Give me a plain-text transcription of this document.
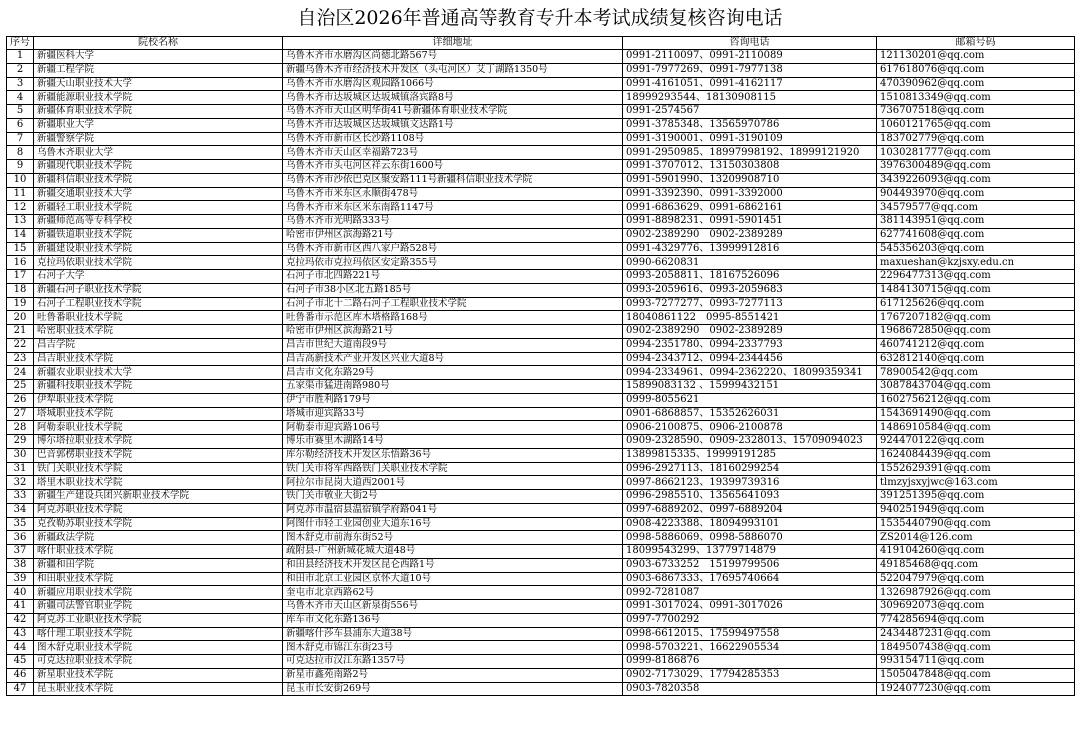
自治区2026年普通高等教育专升本考试成绩复核咨询电话
序号	院校名称	详细地址	咨询电话	邮箱号码
1	新疆医科大学	乌鲁木齐市水磨沟区尚德北路567号	0991-2110097、0991-2110089	121130201@qq.com
2	新疆工程学院	新疆乌鲁木齐市经济技术开发区（头屯河区）艾丁湖路1350号	0991-7977269、0991-7977138	617618076@qq.com
3	新疆天山职业技术大学	乌鲁木齐市水磨沟区观园路1066号	0991-4161051、0991-4162117	470390962@qq.com
4	新疆能源职业技术学院	乌鲁木齐市达坂城区达坂城镇洛宾路8号	18999293544、18130908115	1510813349@qq.com
5	新疆体育职业技术学院	乌鲁木齐市天山区明华街41号新疆体育职业技术学院	0991-2574567	736707518@qq.com
6	新疆职业大学	乌鲁木齐市达坂城区达坂城镇文达路1号	0991-3785348、13565970786	1060121765@qq.com
7	新疆警察学院	乌鲁木齐市新市区长沙路1108号	0991-3190001、0991-3190109	183702779@qq.com
8	乌鲁木齐职业大学	乌鲁木齐市天山区幸福路723号	0991-2950985、18997998192、18999121920	1030281777@qq.com
9	新疆现代职业技术学院	乌鲁木齐市头屯河区祥云东街1600号	0991-3707012、13150303808	3976300489@qq.com
10	新疆科信职业技术学院	乌鲁木齐市沙依巴克区聚安路111号新疆科信职业技术学院	0991-5901990、13209908710	3439226093@qq.com
11	新疆交通职业技术大学	乌鲁木齐市米东区永顺街478号	0991-3392390、0991-3392000	904493970@qq.com
12	新疆轻工职业技术学院	乌鲁木齐市米东区米东南路1147号	0991-6863629、0991-6862161	34579577@qq.com
13	新疆师范高等专科学校	乌鲁木齐市光明路333号	0991-8898231、0991-5901451	381143951@qq.com
14	新疆铁道职业技术学院	哈密市伊州区滨海路21号	0902-2389290　0902-2389289	627741608@qq.com
15	新疆建设职业技术学院	乌鲁木齐市新市区西八家户路528号	0991-4329776、13999912816	545356203@qq.com
16	克拉玛依职业技术学院	克拉玛依市克拉玛依区安定路355号	0990-6620831	maxueshan@kzjsxy.edu.cn
17	石河子大学	石河子市北四路221号	0993-2058811、18167526096	2296477313@qq.com
18	新疆石河子职业技术学院	石河子市38小区北五路185号	0993-2059616、0993-2059683	1484130715@qq.com
19	石河子工程职业技术学院	石河子市北十二路石河子工程职业技术学院	0993-7277277、0993-7277113	617125626@qq.com
20	吐鲁番职业技术学院	吐鲁番市示范区库木塔格路168号	18040861122　0995-8551421	1767207182@qq.com
21	哈密职业技术学院	哈密市伊州区滨海路21号	0902-2389290　0902-2389289	1968672850@qq.com
22	昌吉学院	昌吉市世纪大道南段9号	0994-2351780、0994-2337793	460741212@qq.com
23	昌吉职业技术学院	昌吉高新技术产业开发区兴业大道8号	0994-2343712、0994-2344456	632812140@qq.com
24	新疆农业职业技术大学	昌吉市文化东路29号	0994-2334961、0994-2362220、18099359341	78900542@qq.com
25	新疆科技职业技术学院	五家渠市猛进南路980号	15899083132 、15999432151	3087843704@qq.com
26	伊犁职业技术学院	伊宁市胜利路179号	0999-8055621	1602756212@qq.com
27	塔城职业技术学院	塔城市迎宾路33号	0901-6868857、15352626031	1543691490@qq.com
28	阿勒泰职业技术学院	阿勒泰市迎宾路106号	0906-2100875、0906-2100878	1486910584@qq.com
29	博尔塔拉职业技术学院	博乐市赛里木湖路14号	0909-2328590、0909-2328013、15709094023	924470122@qq.com
30	巴音郭楞职业技术学院	库尔勒经济技术开发区乐悟路36号	13899815335、19999191285	1624084439@qq.com
31	铁门关职业技术学院	铁门关市将军西路铁门关职业技术学院	0996-2927113、18160299254	1552629391@qq.com
32	塔里木职业技术学院	阿拉尔市昆岗大道西2001号	0997-8662123、19399739316	tlmzyjsxyjwc@163.com
33	新疆生产建设兵团兴新职业技术学院	铁门关市敬业大街2号	0996-2985510、13565641093	391251395@qq.com
34	阿克苏职业技术学院	阿克苏市温宿县温宿镇学府路041号	0997-6889202、0997-6889204	940251949@qq.com
35	克孜勒苏职业技术学院	阿图什市轻工业园创业大道东16号	0908-4223388、18094993101	1535440790@qq.com
36	新疆政法学院	图木舒克市前海东街52号	0998-5886069、0998-5886070	ZS2014@126.com
37	喀什职业技术学院	疏附县-广州新城花城大道48号	18099543299、13779714879	419104260@qq.com
38	新疆和田学院	和田县经济技术开发区昆仑西路1号	0903-6733252　15199799506	49185468@qq.com
39	和田职业技术学院	和田市北京工业园区京怀大道10号	0903-6867333、17695740664	522047979@qq.com
40	新疆应用职业技术学院	奎屯市北京西路62号	0992-7281087	1326987926@qq.com
41	新疆司法警官职业学院	乌鲁木齐市天山区新泉街556号	0991-3017024、0991-3017026	309692073@qq.com
42	阿克苏工业职业技术学院	库车市文化东路136号	0997-7700292	774285694@qq.com
43	喀什理工职业技术学院	新疆喀什莎车县浦东大道38号	0998-6612015、17599497558	2434487231@qq.com
44	图木舒克职业技术学院	图木舒克市锦江东街23号	0998-5703221、16622905534	1849507438@qq.com
45	可克达拉职业技术学院	可克达拉市汉江东路1357号	0999-8186876	993154711@qq.com
46	新星职业技术学院	新星市鑫苑南路2号	0902-7173029、17794285353	1505047848@qq.com
47	昆玉职业技术学院	昆玉市长安街269号	0903-7820358	1924077230@qq.com
